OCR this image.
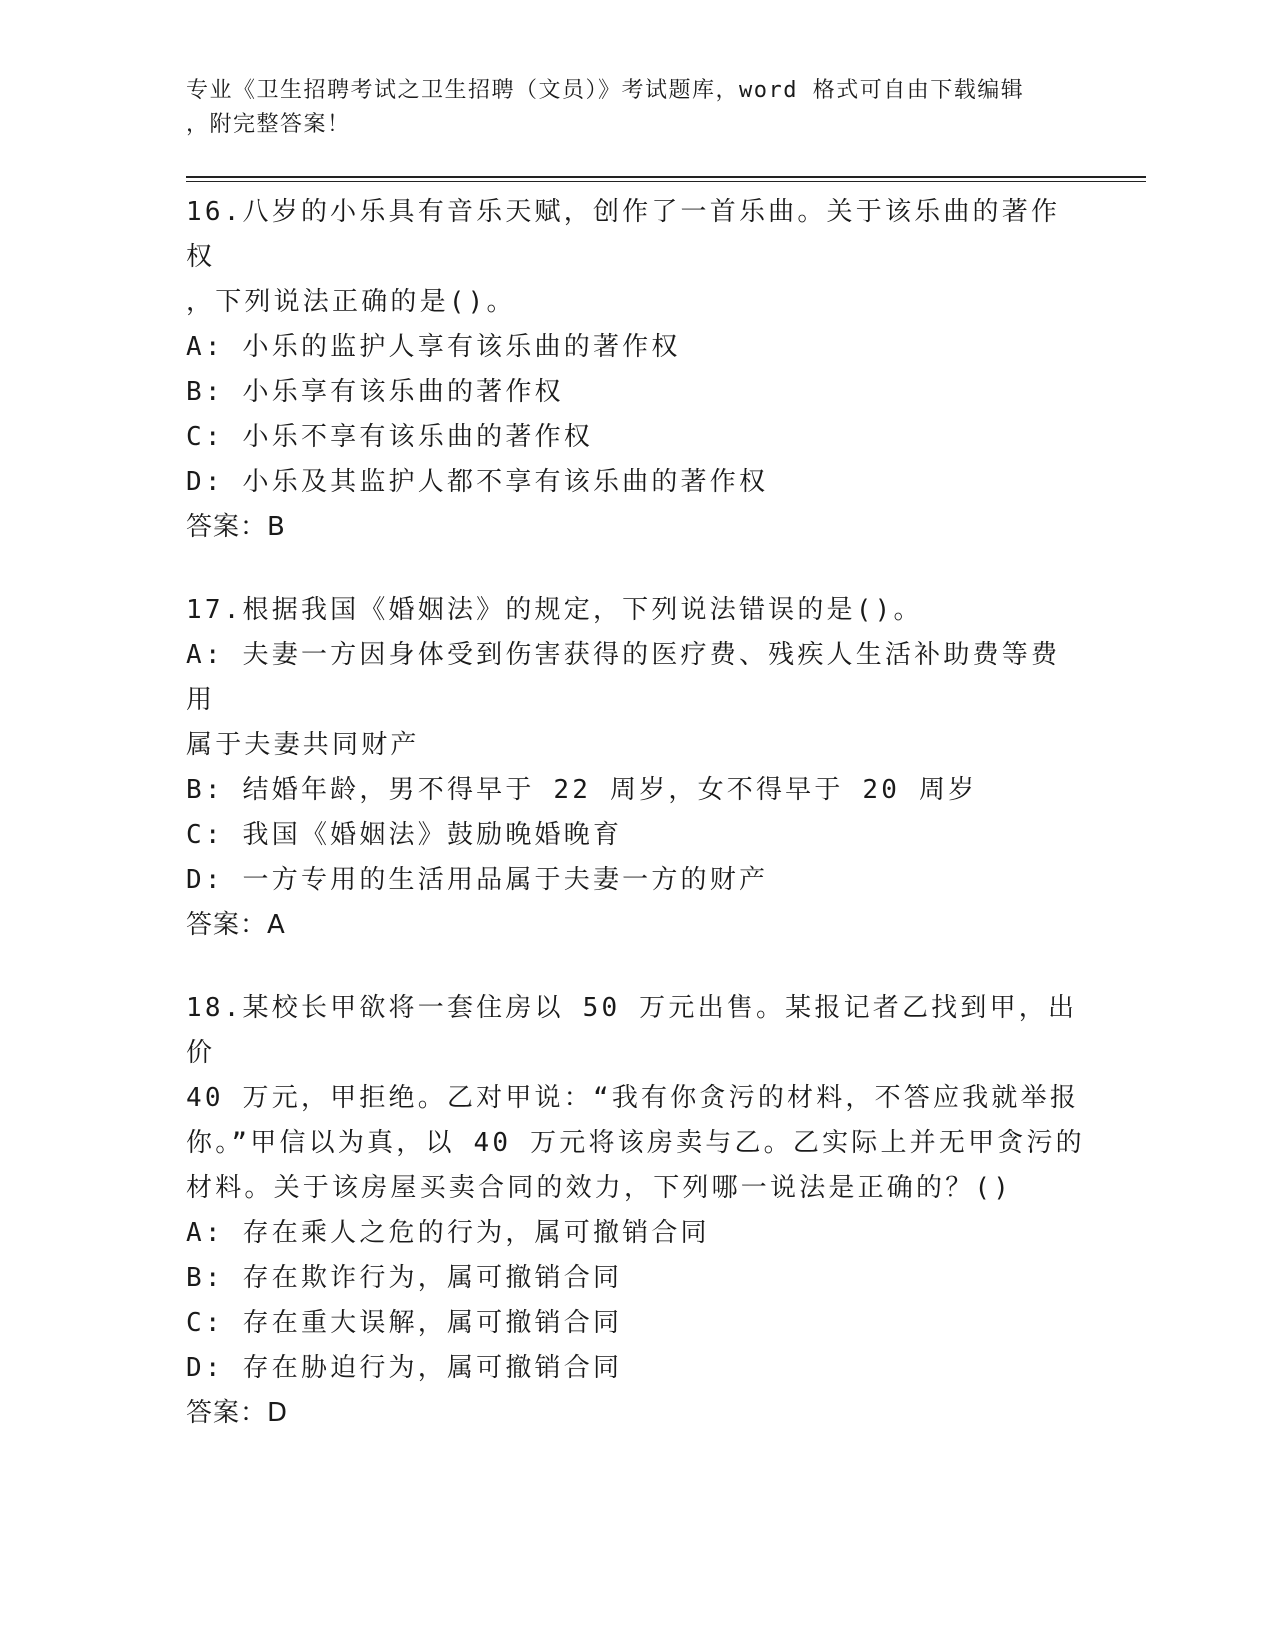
专业《卫生招聘考试之卫生招聘（文员）》考试题库，word 格式可自由下载编辑
，附完整答案！
16.八岁的小乐具有音乐天赋，创作了一首乐曲。关于该乐曲的著作权
，下列说法正确的是()。
A: 小乐的监护人享有该乐曲的著作权
B: 小乐享有该乐曲的著作权
C: 小乐不享有该乐曲的著作权
D: 小乐及其监护人都不享有该乐曲的著作权
答案：B
17.根据我国《婚姻法》的规定，下列说法错误的是()。
A: 夫妻一方因身体受到伤害获得的医疗费、残疾人生活补助费等费用
属于夫妻共同财产
B: 结婚年龄，男不得早于 22 周岁，女不得早于 20 周岁
C: 我国《婚姻法》鼓励晚婚晚育
D: 一方专用的生活用品属于夫妻一方的财产
答案：A
18.某校长甲欲将一套住房以 50 万元出售。某报记者乙找到甲，出价
40 万元，甲拒绝。乙对甲说：“我有你贪污的材料，不答应我就举报
你。”甲信以为真，以 40 万元将该房卖与乙。乙实际上并无甲贪污的
材料。关于该房屋买卖合同的效力，下列哪一说法是正确的？()
A: 存在乘人之危的行为，属可撤销合同
B: 存在欺诈行为，属可撤销合同
C: 存在重大误解，属可撤销合同
D: 存在胁迫行为，属可撤销合同
答案：D
